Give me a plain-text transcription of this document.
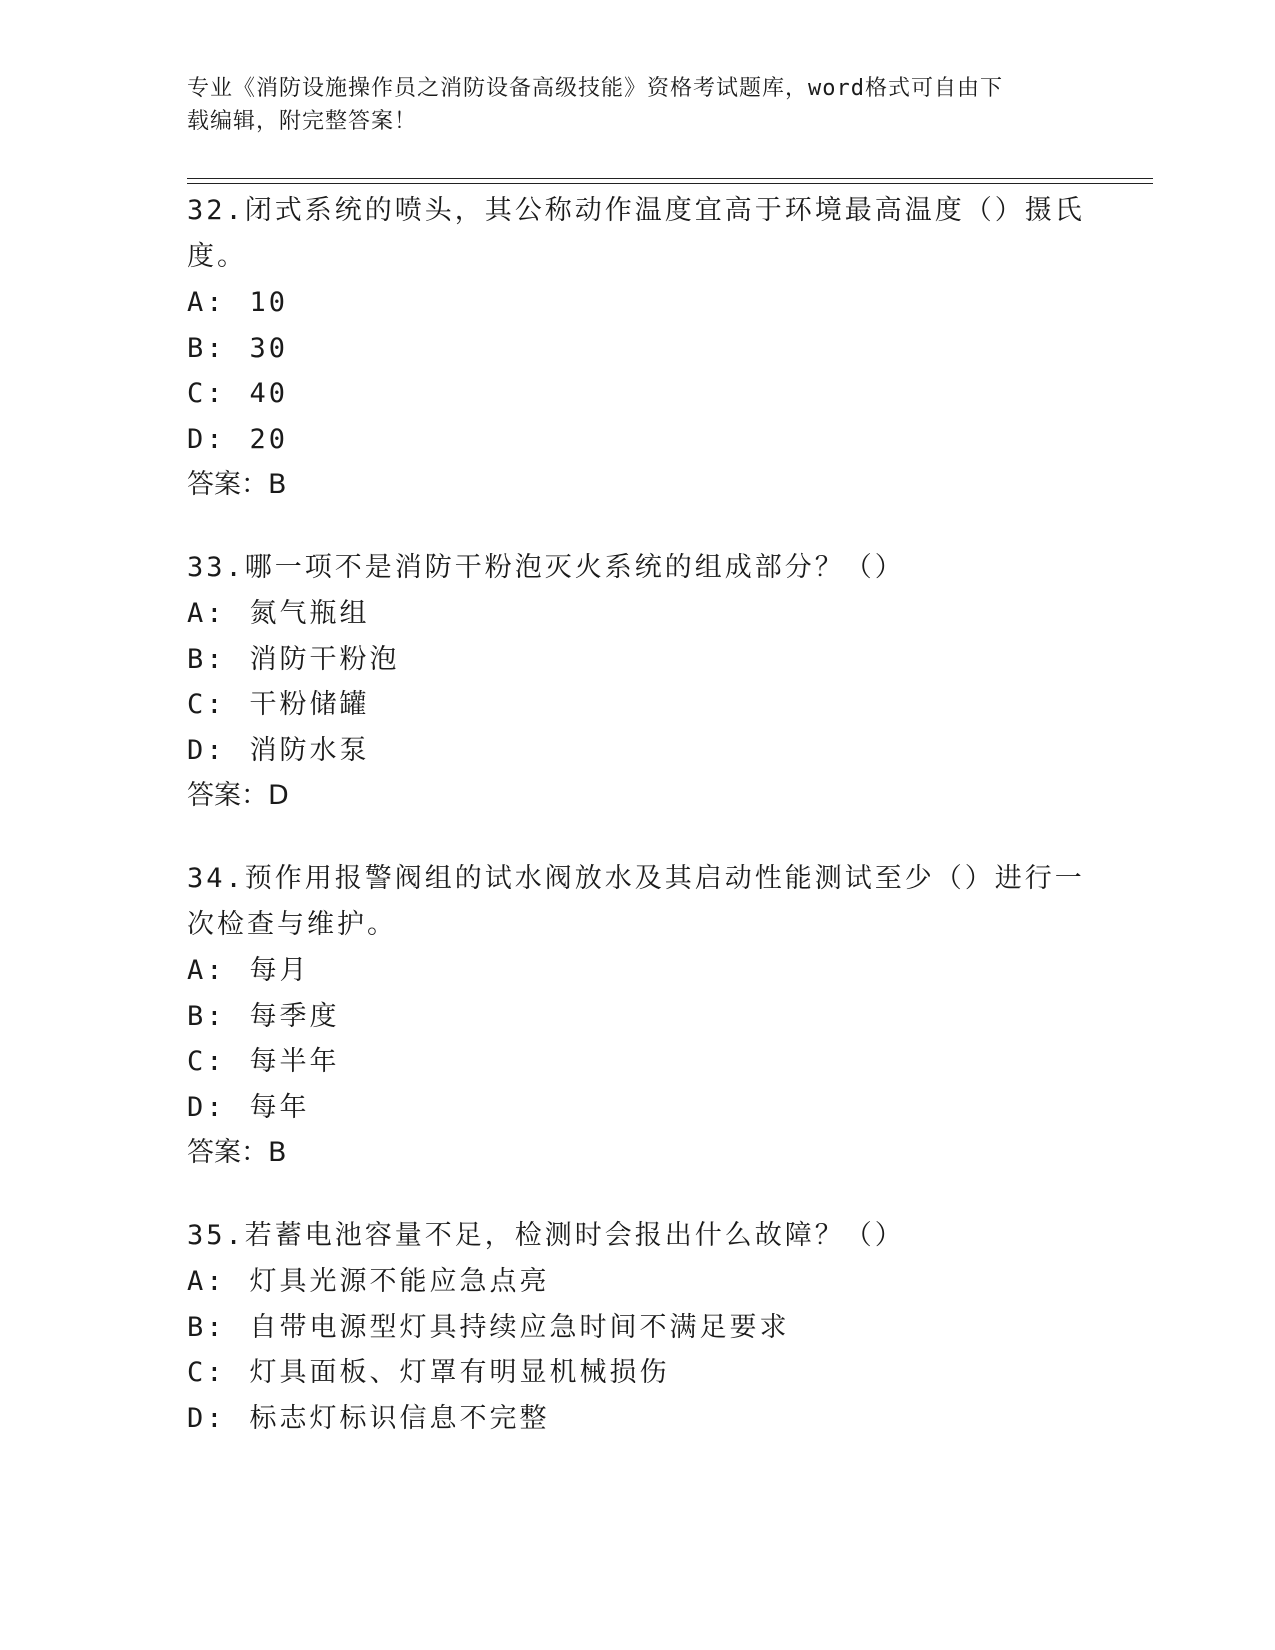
专业《消防设施操作员之消防设备高级技能》资格考试题库，word格式可自由下
载编辑，附完整答案！

32.闭式系统的喷头，其公称动作温度宜高于环境最高温度（）摄氏度。

A: 10

B: 30

C: 40

D: 20

答案：B

33.哪一项不是消防干粉泡灭火系统的组成部分？（）

A: 氮气瓶组

B: 消防干粉泡

C: 干粉储罐

D: 消防水泵

答案：D

34.预作用报警阀组的试水阀放水及其启动性能测试至少（）进行一次检查与维护。

A: 每月

B: 每季度

C: 每半年

D: 每年

答案：B

35.若蓄电池容量不足，检测时会报出什么故障？（）

A: 灯具光源不能应急点亮

B: 自带电源型灯具持续应急时间不满足要求

C: 灯具面板、灯罩有明显机械损伤

D: 标志灯标识信息不完整
